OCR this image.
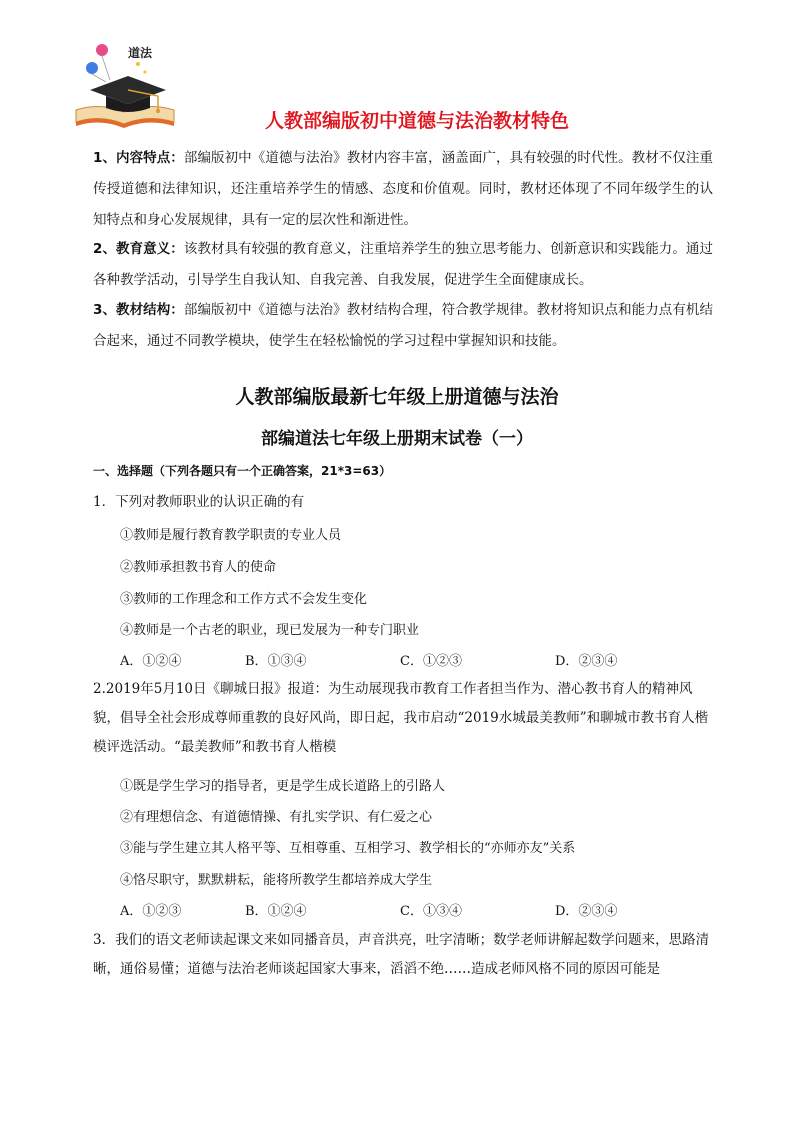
道法
人教部编版初中道德与法治教材特色
1、内容特点：部编版初中《道德与法治》教材内容丰富，涵盖面广，具有较强的时代性。教材不仅注重传授道德和法律知识，还注重培养学生的情感、态度和价值观。同时，教材还体现了不同年级学生的认知特点和身心发展规律，具有一定的层次性和渐进性。
2、教育意义：该教材具有较强的教育意义，注重培养学生的独立思考能力、创新意识和实践能力。通过各种教学活动，引导学生自我认知、自我完善、自我发展，促进学生全面健康成长。
3、教材结构：部编版初中《道德与法治》教材结构合理，符合教学规律。教材将知识点和能力点有机结合起来，通过不同教学模块，使学生在轻松愉悦的学习过程中掌握知识和技能。
人教部编版最新七年级上册道德与法治
部编道法七年级上册期末试卷（一）
一、选择题（下列各题只有一个正确答案，21*3=63）
1．下列对教师职业的认识正确的有
①教师是履行教育教学职责的专业人员
②教师承担教书育人的使命
③教师的工作理念和工作方式不会发生变化
④教师是一个古老的职业，现已发展为一种专门职业
A．①②④	B．①③④	C．①②③	D．②③④
2.2019年5月10日《聊城日报》报道：为生动展现我市教育工作者担当作为、潜心教书育人的精神风貌，倡导全社会形成尊师重教的良好风尚，即日起，我市启动“2019水城最美教师”和聊城市教书育人楷模评选活动。“最美教师”和教书育人楷模
①既是学生学习的指导者，更是学生成长道路上的引路人
②有理想信念、有道德情操、有扎实学识、有仁爱之心
③能与学生建立其人格平等、互相尊重、互相学习、教学相长的“亦师亦友”关系
④恪尽职守，默默耕耘，能将所教学生都培养成大学生
A．①②③	B．①②④	C．①③④	D．②③④
3．我们的语文老师读起课文来如同播音员，声音洪亮，吐字清晰；数学老师讲解起数学问题来，思路清晰，通俗易懂；道德与法治老师谈起国家大事来，滔滔不绝……造成老师风格不同的原因可能是
